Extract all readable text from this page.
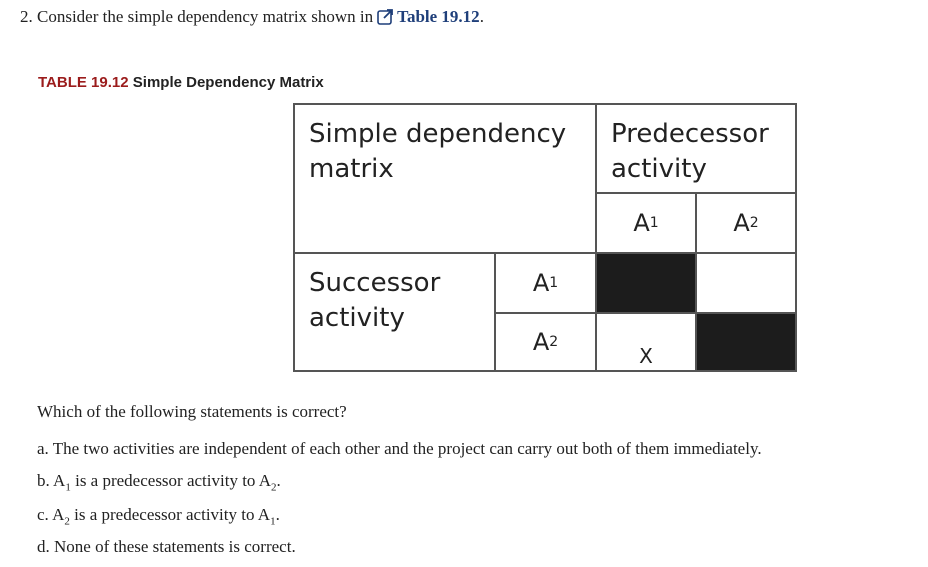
2. Consider the simple dependency matrix shown in Table 19.12.
TABLE 19.12 Simple Dependency Matrix
Simple dependency
matrix
Predecessor
activity
A 1	A 2
Successor
activity
A 1
A 2
X
Which of the following statements is correct?
a. The two activities are independent of each other and the project can carry out both of them immediately.
b. $A_1$ is a predecessor activity to $A_2$.
c. $A_2$ is a predecessor activity to $A_1$.
d. None of these statements is correct.
